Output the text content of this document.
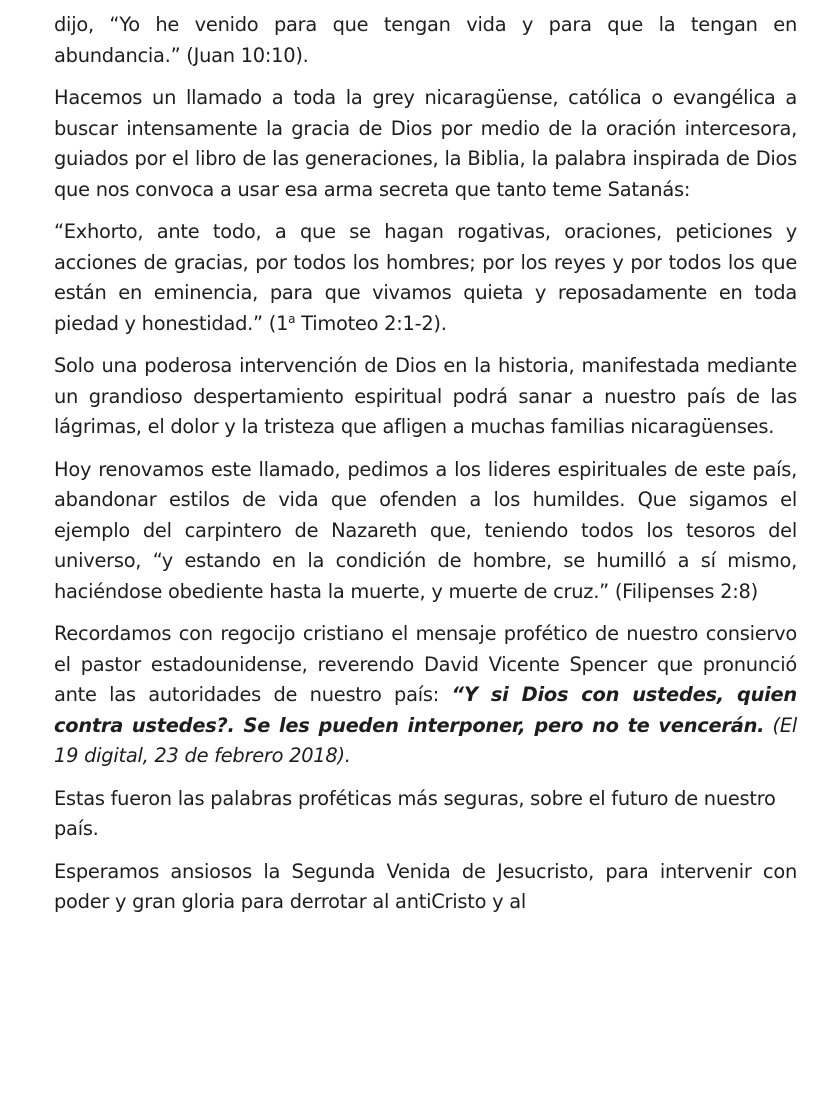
dijo, “Yo he venido para que tengan vida y para que la tengan en abundancia.” (Juan 10:10).

Hacemos un llamado a toda la grey nicaragüense, católica o evangélica a buscar intensamente la gracia de Dios por medio de la oración intercesora, guiados por el libro de las generaciones, la Biblia, la palabra inspirada de Dios que nos convoca a usar esa arma secreta que tanto teme Satanás:

“Exhorto, ante todo, a que se hagan rogativas, oraciones, peticiones y acciones de gracias, por todos los hombres; por los reyes y por todos los que están en eminencia, para que vivamos quieta y reposadamente en toda piedad y honestidad.” (1$^a$ Timoteo 2:1-2).

Solo una poderosa intervención de Dios en la historia, manifestada mediante un grandioso despertamiento espiritual podrá sanar a nuestro país de las lágrimas, el dolor y la tristeza que afligen a muchas familias nicaragüenses.

Hoy renovamos este llamado, pedimos a los lideres espirituales de este país, abandonar estilos de vida que ofenden a los humildes. Que sigamos el ejemplo del carpintero de Nazareth que, teniendo todos los tesoros del universo, “y estando en la condición de hombre, se humilló a sí mismo, haciéndose obediente hasta la muerte, y muerte de cruz.” (Filipenses 2:8)

Recordamos con regocijo cristiano el mensaje profético de nuestro consiervo el pastor estadounidense, reverendo David Vicente Spencer que pronunció ante las autoridades de nuestro país: “Y si Dios con ustedes, quien contra ustedes?. Se les pueden interponer, pero no te vencerán. (El 19 digital, 23 de febrero 2018).

Estas fueron las palabras proféticas más seguras, sobre el futuro de nuestro país.

Esperamos ansiosos la Segunda Venida de Jesucristo, para intervenir con poder y gran gloria para derrotar al antiCristo y al
